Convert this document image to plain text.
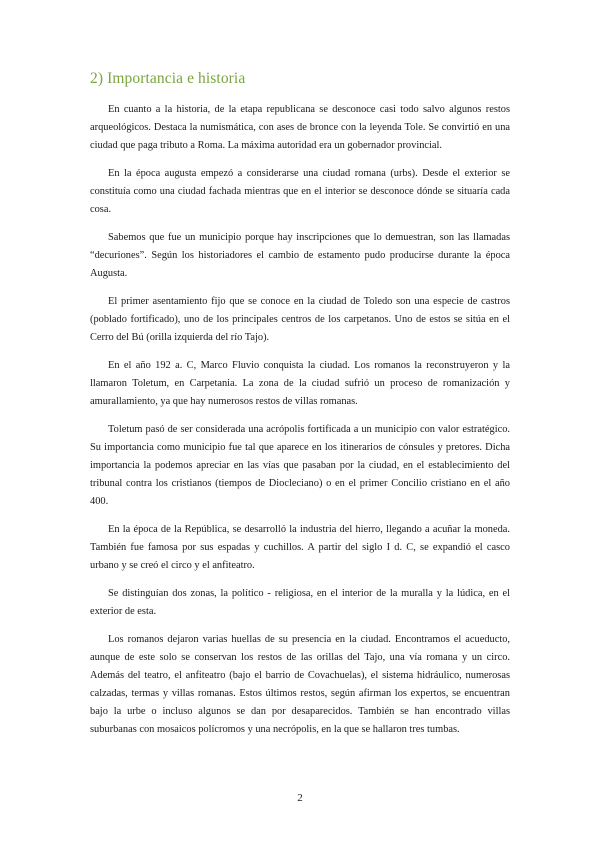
2) Importancia e historia

En cuanto a la historia, de la etapa republicana se desconoce casi todo salvo algunos restos arqueológicos. Destaca la numismática, con ases de bronce con la leyenda Tole. Se convirtió en una ciudad que paga tributo a Roma. La máxima autoridad era un gobernador provincial.

En la época augusta empezó a considerarse una ciudad romana (urbs). Desde el exterior se constituía como una ciudad fachada mientras que en el interior se desconoce dónde se situaría cada cosa.

Sabemos que fue un municipio porque hay inscripciones que lo demuestran, son las llamadas “decuriones”. Según los historiadores el cambio de estamento pudo producirse durante la época Augusta.

El primer asentamiento fijo que se conoce en la ciudad de Toledo son una especie de castros (poblado fortificado), uno de los principales centros de los carpetanos. Uno de estos se sitúa en el Cerro del Bú (orilla izquierda del río Tajo).

En el año 192 a. C, Marco Fluvio conquista la ciudad. Los romanos la reconstruyeron y la llamaron Toletum, en Carpetania. La zona de la ciudad sufrió un proceso de romanización y amurallamiento, ya que hay numerosos restos de villas romanas.

Toletum pasó de ser considerada una acrópolis fortificada a un municipio con valor estratégico. Su importancia como municipio fue tal que aparece en los itinerarios de cónsules y pretores. Dicha importancia la podemos apreciar en las vías que pasaban por la ciudad, en el establecimiento del tribunal contra los cristianos (tiempos de Diocleciano) o en el primer Concilio cristiano en el año 400.

En la época de la República, se desarrolló la industria del hierro, llegando a acuñar la moneda. También fue famosa por sus espadas y cuchillos. A partir del siglo I d. C, se expandió el casco urbano y se creó el circo y el anfiteatro.

Se distinguían dos zonas, la político - religiosa, en el interior de la muralla y la lúdica, en el exterior de esta.

Los romanos dejaron varias huellas de su presencia en la ciudad. Encontramos el acueducto, aunque de este solo se conservan los restos de las orillas del Tajo, una vía romana y un circo. Además del teatro, el anfiteatro (bajo el barrio de Covachuelas), el sistema hidráulico, numerosas calzadas, termas y villas romanas. Estos últimos restos, según afirman los expertos, se encuentran bajo la urbe o incluso algunos se dan por desaparecidos. También se han encontrado villas suburbanas con mosaicos polícromos y una necrópolis, en la que se hallaron tres tumbas.

2
